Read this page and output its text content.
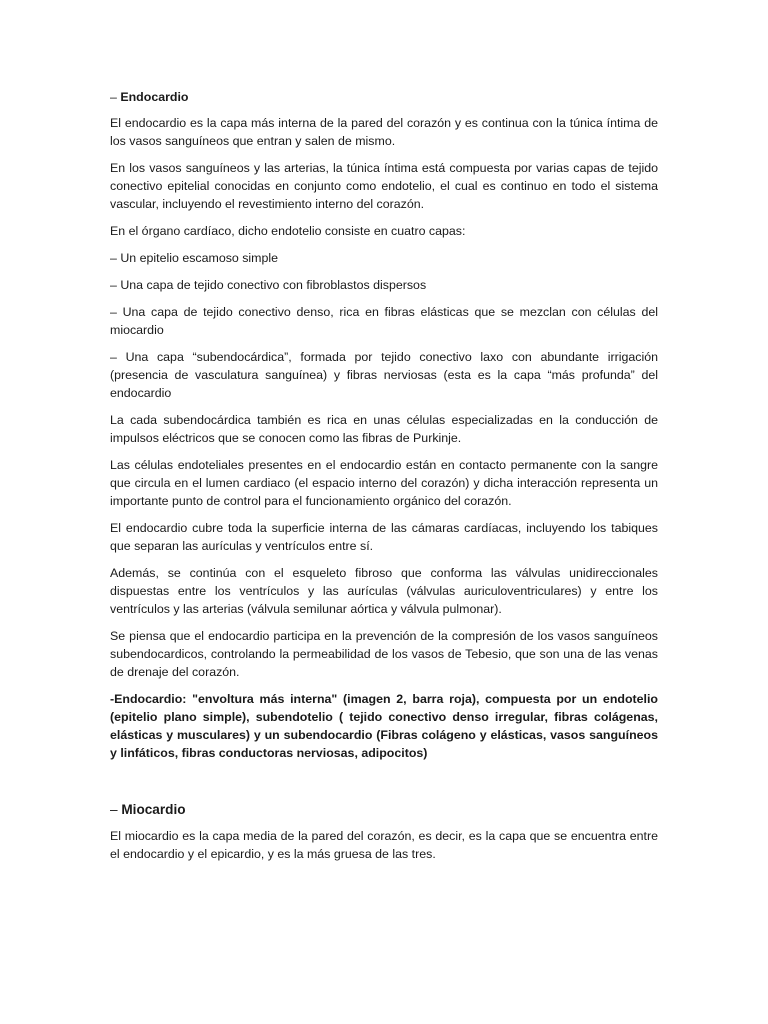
– Endocardio

El endocardio es la capa más interna de la pared del corazón y es continua con la túnica íntima de los vasos sanguíneos que entran y salen de mismo.

En los vasos sanguíneos y las arterias, la túnica íntima está compuesta por varias capas de tejido conectivo epitelial conocidas en conjunto como endotelio, el cual es continuo en todo el sistema vascular, incluyendo el revestimiento interno del corazón.

En el órgano cardíaco, dicho endotelio consiste en cuatro capas:

– Un epitelio escamoso simple

– Una capa de tejido conectivo con fibroblastos dispersos

– Una capa de tejido conectivo denso, rica en fibras elásticas que se mezclan con células del miocardio

– Una capa “subendocárdica”, formada por tejido conectivo laxo con abundante irrigación (presencia de vasculatura sanguínea) y fibras nerviosas (esta es la capa “más profunda” del endocardio

La cada subendocárdica también es rica en unas células especializadas en la conducción de impulsos eléctricos que se conocen como las fibras de Purkinje.

Las células endoteliales presentes en el endocardio están en contacto permanente con la sangre que circula en el lumen cardiaco (el espacio interno del corazón) y dicha interacción representa un importante punto de control para el funcionamiento orgánico del corazón.

El endocardio cubre toda la superficie interna de las cámaras cardíacas, incluyendo los tabiques que separan las aurículas y ventrículos entre sí.

Además, se continúa con el esqueleto fibroso que conforma las válvulas unidireccionales dispuestas entre los ventrículos y las aurículas (válvulas auriculoventriculares) y entre los ventrículos y las arterias (válvula semilunar aórtica y válvula pulmonar).

Se piensa que el endocardio participa en la prevención de la compresión de los vasos sanguíneos subendocardicos, controlando la permeabilidad de los vasos de Tebesio, que son una de las venas de drenaje del corazón.

-Endocardio: "envoltura más interna" (imagen 2, barra roja), compuesta por un endotelio (epitelio plano simple), subendotelio ( tejido conectivo denso irregular, fibras colágenas, elásticas y musculares) y un subendocardio (Fibras colágeno y elásticas, vasos sanguíneos y linfáticos, fibras conductoras nerviosas, adipocitos)

– Miocardio

El miocardio es la capa media de la pared del corazón, es decir, es la capa que se encuentra entre el endocardio y el epicardio, y es la más gruesa de las tres.
